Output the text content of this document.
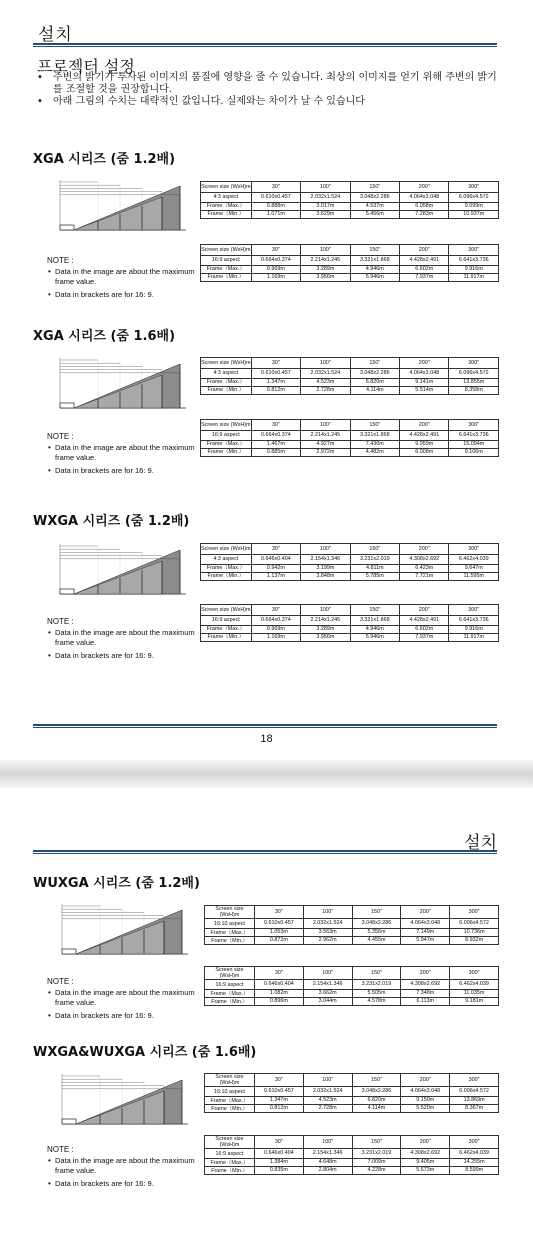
설치
프로젝터 설정
• 주변의 밝기가 투사된 이미지의 품질에 영향을 줄 수 있습니다. 최상의 이미지를 얻기 위해 주변의 밝기를 조절할 것을 권장합니다.
• 아래 그림의 수치는 대략적인 값입니다. 실제와는 차이가 날 수 있습니다
XGA 시리즈 (줌 1.2배)
NOTE :
• Data in the image are about the maximum frame value.
• Data in brackets are for 16: 9.
Screen size (WxH)m	30"	100"	150"	200"	300"
4:3 aspect	0.610x0.457	2.032x1.524	3.048x2.286	4.064x3.048	6.096x4.572
Frame（Max.）	0.888m	3.017m	4.537m	6.058m	9.099m
Frame（Min.）	1.071m	3.629m	5.456m	7.283m	10.937m
Screen size (WxH)m	30"	100"	150"	200"	300"
16:9 aspect	0.664x0.374	2.214x1.245	3.321x1.868	4.428x2.491	6.641x3.736
Frame（Max.）	0.969m	3.289m	4.946m	6.602m	9.916m
Frame（Min.）	1.169m	3.956m	5.946m	7.937m	11.917m
XGA 시리즈 (줌 1.6배)
NOTE :
• Data in the image are about the maximum frame value.
• Data in brackets are for 16: 9.
Screen size (WxH)m	30"	100"	150"	200"	300"
4:3 aspect	0.610x0.457	2.032x1.524	3.048x2.286	4.064x3.048	6.096x4.572
Frame（Max.）	1.347m	4.523m	6.820m	9.141m	13.855m
Frame（Min.）	0.812m	2.728m	4.114m	5.514m	8.358m
Screen size (WxH)m	30"	100"	150"	200"	300"
16:9 aspect	0.664x0.374	2.214x1.245	3.321x1.868	4.428x2.491	6.641x3.736
Frame（Max.）	1.467m	4.927m	7.430m	9.959m	15.094m
Frame（Min.）	0.885m	2.972m	4.482m	6.008m	9.106m
WXGA 시리즈 (줌 1.2배)
NOTE :
• Data in the image are about the maximum frame value.
• Data in brackets are for 16: 9.
Screen size (WxH)m	30"	100"	150"	200"	300"
4:3 aspect	0.646x0.404	2.154x1.346	3.231x2.019	4.308x2.692	6.462x4.039
Frame（Max.）	0.942m	3.199m	4.811m	6.423m	9.647m
Frame（Min.）	1.137m	3.848m	5.785m	7.721m	11.595m
Screen size (WxH)m	30"	100"	150"	200"	300"
16:9 aspect	0.664x0.374	2.214x1.245	3.321x1.868	4.428x2.491	6.641x3.736
Frame（Max.）	0.969m	3.289m	4.946m	6.602m	9.916m
Frame（Min.）	1.169m	3.956m	5.946m	7.937m	11.917m
18
설치
WUXGA 시리즈 (줌 1.2배)
NOTE :
• Data in the image are about the maximum frame value.
• Data in brackets are for 16: 9.
Screen size (WxH)m	30"	100"	150"	200"	300"
16:10 aspect	0.610x0.457	2.032x1.524	3.048x2.286	4.064x3.048	6.096x4.572
Frame（Max.）	1.053m	3.563m	5.356m	7.149m	10.736m
Frame（Min.）	0.872m	2.962m	4.455m	5.947m	8.932m
Screen size (WxH)m	30"	100"	150"	200"	300"
16:9 aspect	0.646x0.404	2.154x1.346	3.231x2.019	4.308x2.692	6.462x4.039
Frame（Max.）	1.082m	3.662m	5.505m	7.348m	11.035m
Frame（Min.）	0.896m	3.044m	4.578m	6.113m	9.181m
WXGA&WUXGA 시리즈 (줌 1.6배)
NOTE :
• Data in the image are about the maximum frame value.
• Data in brackets are for 16: 9.
Screen size (WxH)m	30"	100"	150"	200"	300"
16:10 aspect	0.610x0.457	2.032x1.524	3.048x2.286	4.064x3.048	6.096x4.572
Frame（Max.）	1.347m	4.523m	6.820m	9.150m	13.869m
Frame（Min.）	0.812m	2.728m	4.114m	5.520m	8.367m
Screen size (WxH)m	30"	100"	150"	200"	300"
16:9 aspect	0.646x0.404	2.154x1.346	3.231x2.019	4.308x2.692	6.462x4.039
Frame（Max.）	1.384m	4.648m	7.009m	9.405m	14.255m
Frame（Min.）	0.835m	2.804m	4.228m	5.673m	8.599m
